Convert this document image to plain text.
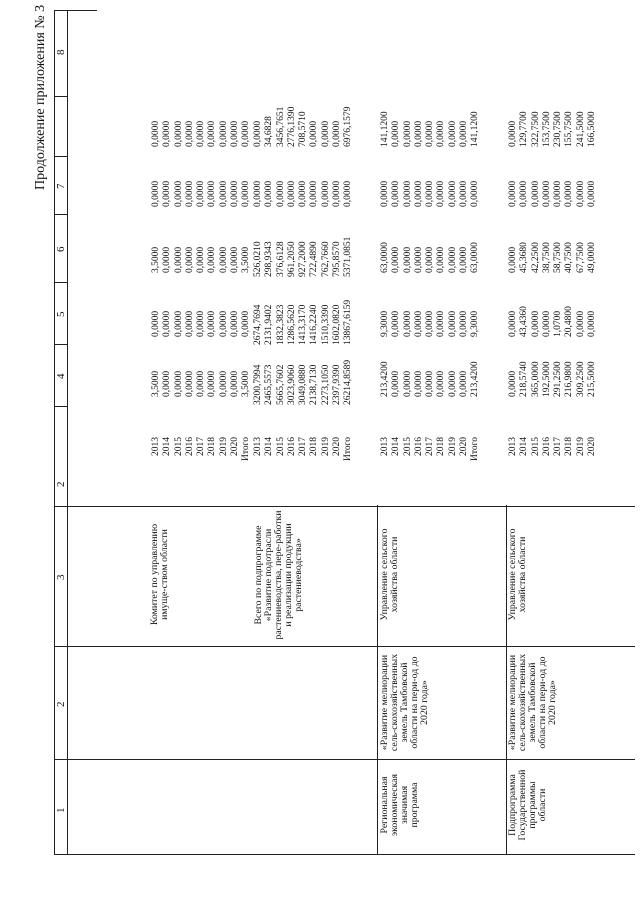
Продолжение приложения № 3
1
2
3
2
4
5
6
7
8
Комитет по управлению имуще-ством области
2013
2014
2015
2016
2017
2018
2019
2020
Итого
3,5000
0,0000
0,0000
0,0000
0,0000
0,0000
0,0000
0,0000
3,5000
0,0000
0,0000
0,0000
0,0000
0,0000
0,0000
0,0000
0,0000
0,0000
3,5000
0,0000
0,0000
0,0000
0,0000
0,0000
0,0000
0,0000
3,5000
0,0000
0,0000
0,0000
0,0000
0,0000
0,0000
0,0000
0,0000
0,0000
0,0000
0,0000
0,0000
0,0000
0,0000
0,0000
0,0000
0,0000
0,0000
Всего по подпрограмме «Развитие подотрасли растениеводства, пере-работки и реализации продукции растениеводства»
2013
2014
2015
2016
2017
2018
2019
2020
Итого
3200,7994
2465,5573
5665,7602
3023,9060
3049,0880
2138,7130
2273,1050
2397,9390
26214,8589
2674,7694
2131,9402
1832,3823
1286,5620
1413,3170
1416,2240
1510,3390
1602,0820
13867,6159
526,0210
298,9343
376,6128
961,2050
927,2000
722,4890
762,7660
795,8570
5371,0851
0,0000
0,0000
0,0000
0,0000
0,0000
0,0000
0,0000
0,0000
0,0000
0,0000
34,6828
3456,7651
2776,1390
708,5710
0,0000
0,0000
0,0000
6976,1579
Региональная экономическая значимая программа
«Развитие мелиорации сель-скохозяйственных земель Тамбовской области на пери-од до 2020 года»
Управление сельского хозяйства области
2013
2014
2015
2016
2017
2018
2019
2020
Итого
213,4200
0,0000
0,0000
0,0000
0,0000
0,0000
0,0000
0,0000
213,4200
9,3000
0,0000
0,0000
0,0000
0,0000
0,0000
0,0000
0,0000
9,3000
63,0000
0,0000
0,0000
0,0000
0,0000
0,0000
0,0000
0,0000
63,0000
0,0000
0,0000
0,0000
0,0000
0,0000
0,0000
0,0000
0,0000
0,0000
141,1200
0,0000
0,0000
0,0000
0,0000
0,0000
0,0000
0,0000
141,1200
Подпрограмма Государственной программы области
«Развитие мелиорации сель-скохозяйственных земель Тамбовской области на пери-од до 2020 года»
Управление сельского хозяйства области
2013
2014
2015
2016
2017
2018
2019
2020
0,0000
218,5740
365,0000
192,5000
291,2500
216,9800
309,2500
215,5000
0,0000
43,4360
0,0000
0,0000
1,0700
20,4800
0,0000
0,0000
0,0000
45,3680
42,2500
38,7500
58,7500
40,7500
67,7500
49,0000
0,0000
0,0000
0,0000
0,0000
0,0000
0,0000
0,0000
0,0000
0,0000
129,7700
322,7500
153,7500
230,7500
155,7500
241,5000
166,5000
